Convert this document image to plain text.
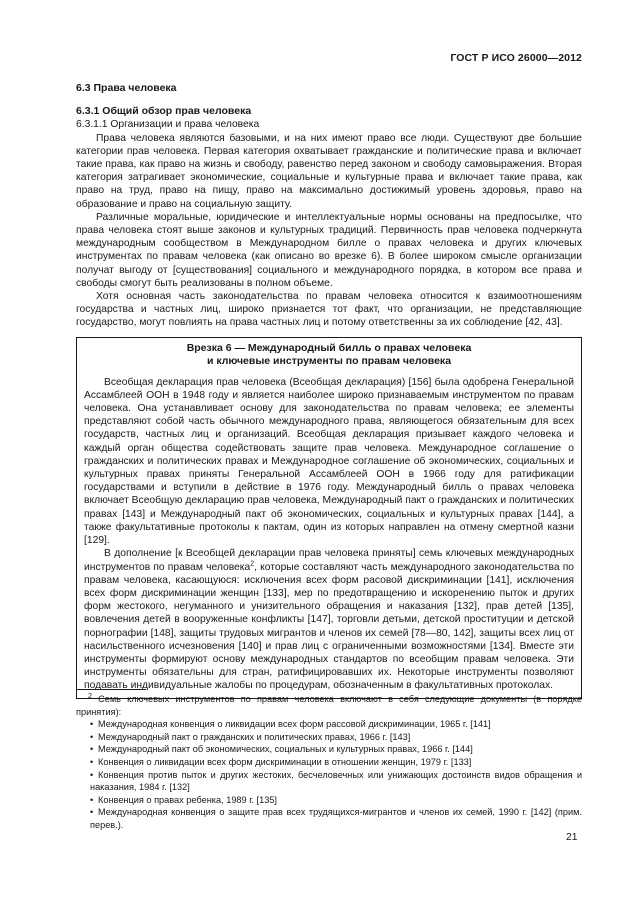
ГОСТ Р ИСО 26000—2012
6.3 Права человека
6.3.1 Общий обзор прав человека
6.3.1.1 Организации и права человека

Права человека являются базовыми, и на них имеют право все люди. Существуют две большие категории прав человека. Первая категория охватывает гражданские и политические права и включает такие права, как право на жизнь и свободу, равенство перед законом и свободу самовыражения. Вторая категория затрагивает экономические, социальные и культурные права и включает такие права, как право на труд, право на пищу, право на максимально достижимый уровень здоровья, право на образование и право на социальную защиту.

Различные моральные, юридические и интеллектуальные нормы основаны на предпосылке, что права человека стоят выше законов и культурных традиций. Первичность прав человека подчеркнута международным сообществом в Международном билле о правах человека и других ключевых инструментах по правам человека (как описано во врезке 6). В более широком смысле организации получат выгоду от [существования] социального и международного порядка, в котором все права и свободы смогут быть реализованы в полном объеме.

Хотя основная часть законодательства по правам человека относится к взаимоотношениям государства и частных лиц, широко признается тот факт, что организации, не представляющие государство, могут повлиять на права частных лиц и потому ответственны за их соблюдение [42, 43].

Врезка 6 — Международный билль о правах человека
и ключевые инструменты по правам человека

Всеобщая декларация прав человека (Всеобщая декларация) [156] была одобрена Генеральной Ассамблеей ООН в 1948 году и является наиболее широко признаваемым инструментом по правам человека. Она устанавливает основу для законодательства по правам человека; ее элементы представляют собой часть обычного международного права, являющегося обязательным для всех государств, частных лиц и организаций. Всеобщая декларация призывает каждого человека и каждый орган общества содействовать защите прав человека. Международное соглашение о гражданских и политических правах и Международное соглашение об экономических, социальных и культурных правах приняты Генеральной Ассамблеей ООН в 1966 году для ратификации государствами и вступили в действие в 1976 году. Международный билль о правах человека включает Всеобщую декларацию прав человека, Международный пакт о гражданских и политических правах [143] и Международный пакт об экономических, социальных и культурных правах [144], а также факультативные протоколы к пактам, один из которых направлен на отмену смертной казни [129].

В дополнение [к Всеобщей декларации прав человека приняты] семь ключевых международных инструментов по правам человека$^2$, которые составляют часть международного законодательства по правам человека, касающуюся: исключения всех форм расовой дискриминации [141], исключения всех форм дискриминации женщин [133], мер по предотвращению и искоренению пыток и других форм жестокого, негуманного и унизительного обращения и наказания [132], прав детей [135], вовлечения детей в вооруженные конфликты [147], торговли детьми, детской проституции и детской порнографии [148], защиты трудовых мигрантов и членов их семей [78—80, 142], защиты всех лиц от насильственного исчезновения [140] и прав лиц с ограниченными возможностями [134]. Вместе эти инструменты формируют основу международных стандартов по всеобщим правам человека. Эти инструменты обязательны для стран, ратифицировавших их. Некоторые инструменты позволяют подавать индивидуальные жалобы по процедурам, обозначенным в факультативных протоколах.

$^2$ Семь ключевых инструментов по правам человека включают в себя следующие документы (в порядке принятия):
• Международная конвенция о ликвидации всех форм рассовой дискриминации, 1965 г. [141]
• Международный пакт о гражданских и политических правах, 1966 г. [143]
• Международный пакт об экономических, социальных и культурных правах, 1966 г. [144]
• Конвенция о ликвидации всех форм дискриминации в отношении женщин, 1979 г. [133]
• Конвенция против пыток и других жестоких, бесчеловечных или унижающих достоинств видов обращения и наказания, 1984 г. [132]
• Конвенция о правах ребенка, 1989 г. [135]
• Международная конвенция о защите прав всех трудящихся-мигрантов и членов их семей, 1990 г. [142] (прим. перев.).
21
